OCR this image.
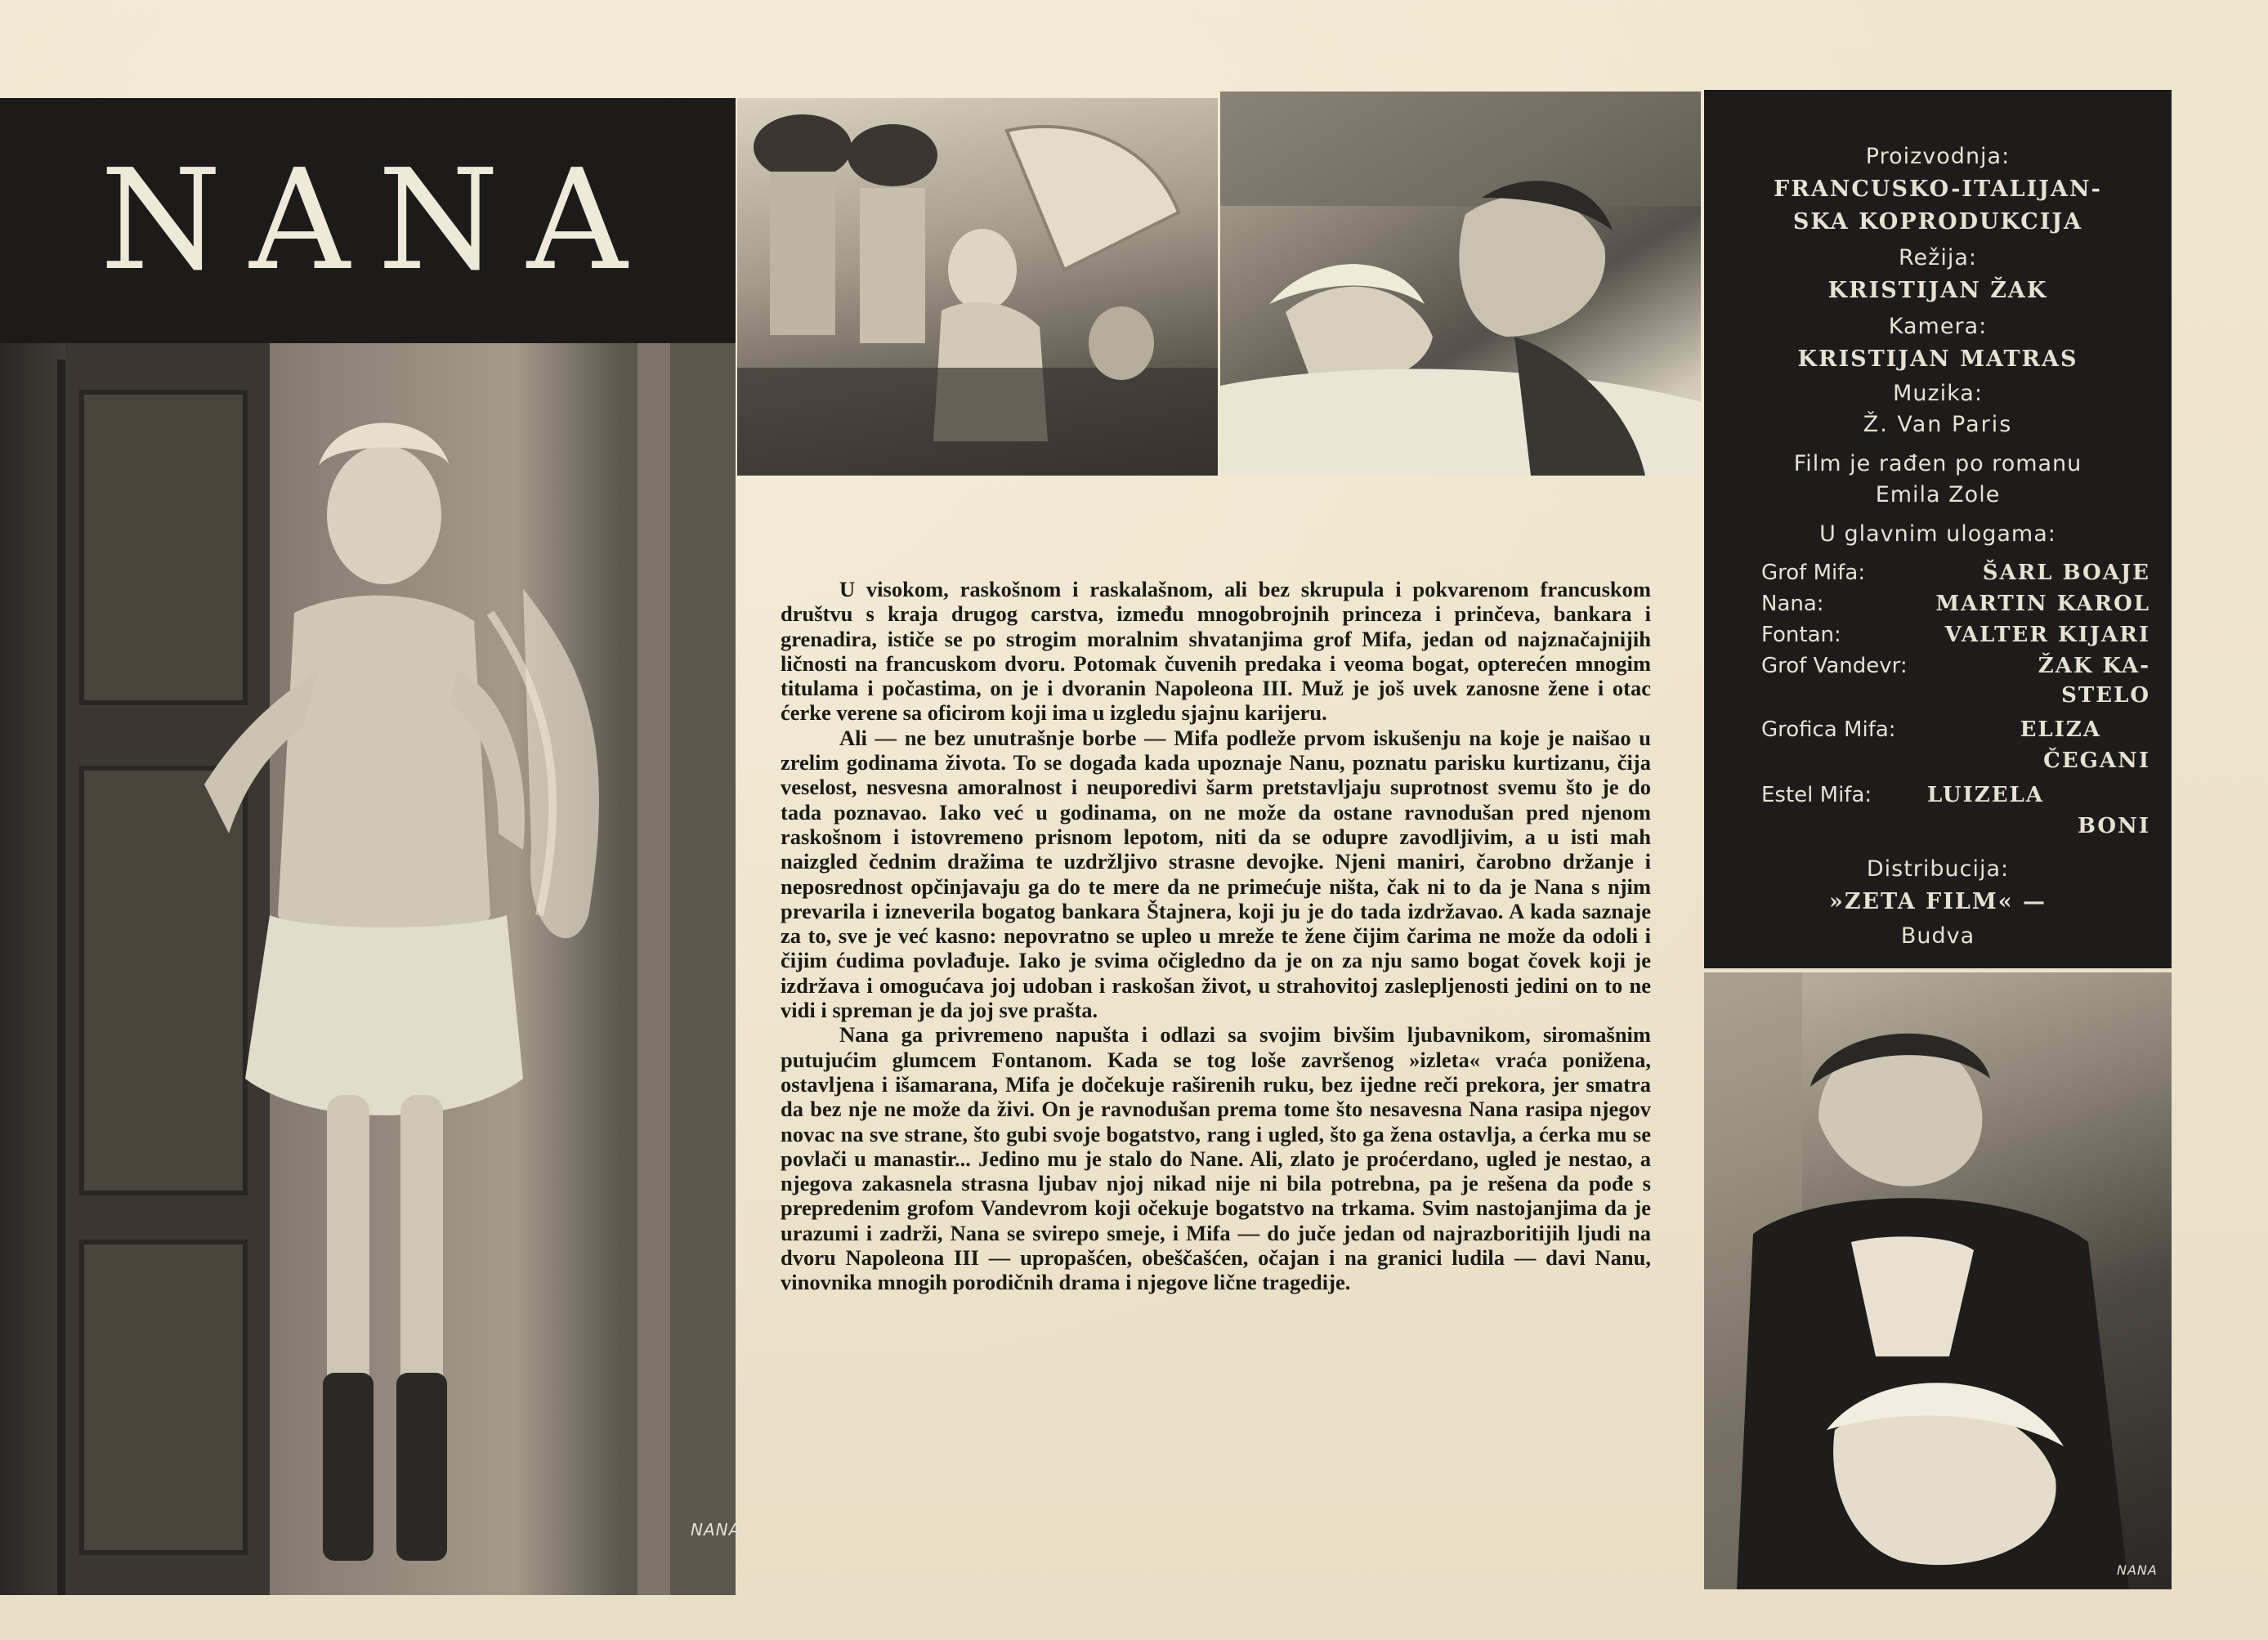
NANA
NANA
Proizvodnja:
FRANCUSKO-ITALIJAN-
SKA KOPRODUKCIJA
Režija:
KRISTIJAN ŽAK
Kamera:
KRISTIJAN MATRAS
Muzika:
Ž. Van Paris
Film je rađen po romanu
Emila Zole
U glavnim ulogama:
Grof Mifa:	ŠARL BOAJE
Nana:	MARTIN KAROL
Fontan:	VALTER KIJARI
Grof Vandevr:	ŽAK KA-
STELO
Grofica Mifa:	ELIZA
ČEGANI
Estel Mifa:	LUIZELA
BONI
Distribucija:
»ZETA FILM« —
Budva
NANA

U visokom, raskošnom i raskalašnom, ali bez skrupula i pokvarenom francuskom društvu s kraja drugog carstva, između mnogobrojnih princeza i prinčeva, bankara i grenadira, ističe se po strogim moralnim shvatanjima grof Mifa, jedan od najznačajnijih ličnosti na francuskom dvoru. Potomak čuvenih predaka i veoma bogat, opterećen mnogim titulama i počastima, on je i dvoranin Napoleona III. Muž je još uvek zanosne žene i otac ćerke verene sa oficirom koji ima u izgledu sjajnu karijeru.

Ali — ne bez unutrašnje borbe — Mifa podleže prvom iskušenju na koje je naišao u zrelim godinama života. To se događa kada upoznaje Nanu, poznatu parisku kurtizanu, čija veselost, nesvesna amoralnost i neuporedivi šarm pretstavljaju suprotnost svemu što je do tada poznavao. Iako već u godinama, on ne može da ostane ravnodušan pred njenom raskošnom i istovremeno prisnom lepotom, niti da se odupre zavodljivim, a u isti mah naizgled čednim dražima te uzdržljivo strasne devojke. Njeni maniri, čarobno držanje i neposrednost opčinjavaju ga do te mere da ne primećuje ništa, čak ni to da je Nana s njim prevarila i izneverila bogatog bankara Štajnera, koji ju je do tada izdržavao. A kada saznaje za to, sve je već kasno: nepovratno se upleo u mreže te žene čijim čarima ne može da odoli i čijim ćudima povlađuje. Iako je svima očigledno da je on za nju samo bogat čovek koji je izdržava i omogućava joj udoban i raskošan život, u strahovitoj zaslepljenosti jedini on to ne vidi i spreman je da joj sve prašta.

Nana ga privremeno napušta i odlazi sa svojim bivšim ljubavnikom, siromašnim putujućim glumcem Fontanom. Kada se tog loše završenog »izleta« vraća ponižena, ostavljena i išamarana, Mifa je dočekuje raširenih ruku, bez ijedne reči prekora, jer smatra da bez nje ne može da živi. On je ravnodušan prema tome što nesavesna Nana rasipa njegov novac na sve strane, što gubi svoje bogatstvo, rang i ugled, što ga žena ostavlja, a ćerka mu se povlači u manastir... Jedino mu je stalo do Nane. Ali, zlato je proćerdano, ugled je nestao, a njegova zakasnela strasna ljubav njoj nikad nije ni bila potrebna, pa je rešena da pođe s prepredenim grofom Vandevrom koji očekuje bogatstvo na trkama. Svim nastojanjima da je urazumi i zadrži, Nana se svirepo smeje, i Mifa — do juče jedan od najrazboritijih ljudi na dvoru Napoleona III — upropašćen, obeščašćen, očajan i na granici ludila — davi Nanu, vinovnika mnogih porodičnih drama i njegove lične tragedije.
